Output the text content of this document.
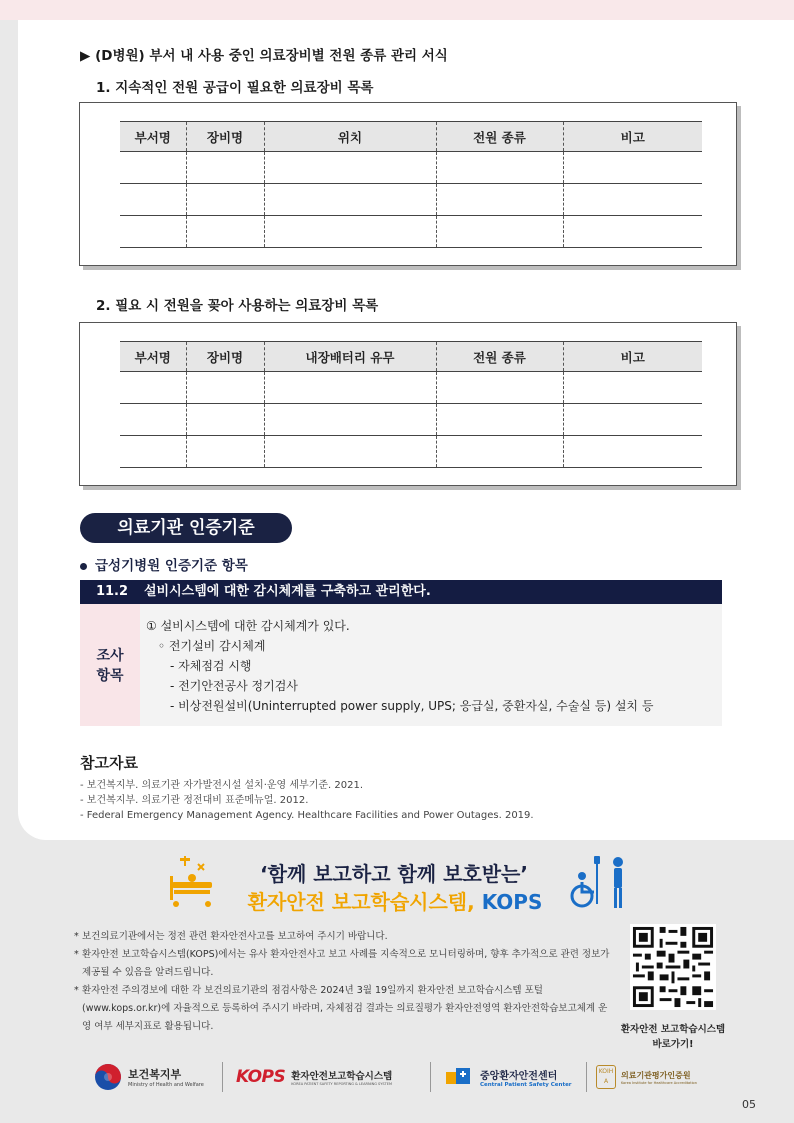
▶ (D병원) 부서 내 사용 중인 의료장비별 전원 종류 관리 서식
1. 지속적인 전원 공급이 필요한 의료장비 목록
부서명	장비명	위치	전원 종류	비고

2. 필요 시 전원을 꽂아 사용하는 의료장비 목록
부서명	장비명	내장배터리 유무	전원 종류	비고

의료기관 인증기준
급성기병원 인증기준 항목
11.2 설비시스템에 대한 감시체계를 구축하고 관리한다.
조사
항목
① 설비시스템에 대한 감시체계가 있다.
◦ 전기설비 감시체계
- 자체점검 시행
- 전기안전공사 정기검사
- 비상전원설비(Uninterrupted power supply, UPS; 응급실, 중환자실, 수술실 등) 설치 등
참고자료
- 보건복지부. 의료기관 자가발전시설 설치·운영 세부기준. 2021.
- 보건복지부. 의료기관 정전대비 표준메뉴얼. 2012.
- Federal Emergency Management Agency. Healthcare Facilities and Power Outages. 2019.
‘함께 보고하고 함께 보호받는’
환자안전 보고학습시스템, KOPS
* 보건의료기관에서는 정전 관련 환자안전사고를 보고하여 주시기 바랍니다.
* 환자안전 보고학습시스템(KOPS)에서는 유사 환자안전사고 보고 사례를 지속적으로 모니터링하며, 향후 추가적으로 관련 정보가 제공될 수 있음을 알려드립니다.
* 환자안전 주의경보에 대한 각 보건의료기관의 점검사항은 2024년 3월 19일까지 환자안전 보고학습시스템 포털(www.kops.or.kr)에 자율적으로 등록하여 주시기 바라며, 자체점검 결과는 의료질평가 환자안전영역 환자안전학습보고체계 운영 여부 세부지표로 활용됩니다.	환자안전 보고학습시스템
바로가기!
보건복지부
Ministry of Health and Welfare KOPS 환자안전보고학습시스템
KOREA PATIENT SAFETY REPORTING & LEARNING SYSTEM
중앙환자안전센터
Central Patient Safety Center
KOIHA
의료기관평가인증원
Korea Institute for Healthcare Accreditation
05
